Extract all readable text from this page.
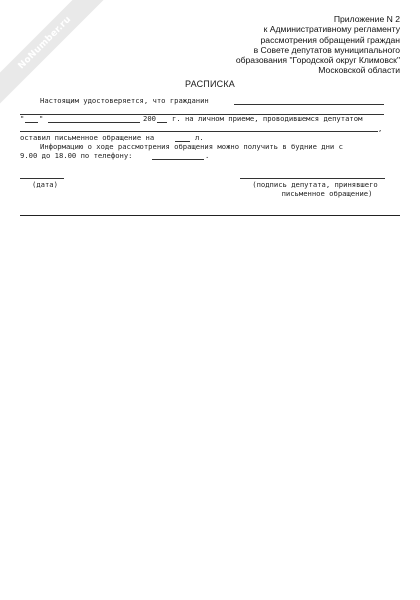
NoNumber.ru	Приложение N 2
к Административному регламенту
рассмотрения обращений граждан
в Совете депутатов муниципального
образования "Городской округ Климовск"
Московской области
РАСПИСКА
Настоящим удостоверяется, что гражданин
" "	200 г. на личном приеме, проводившемся депутатом
,
оставил письменное обращение на	л.
Информацию о ходе рассмотрения обращения можно получить в будние дни с
9.00 до 18.00 по телефону:	.
(дата)	(подпись депутата, принявшего
письменное обращение)
